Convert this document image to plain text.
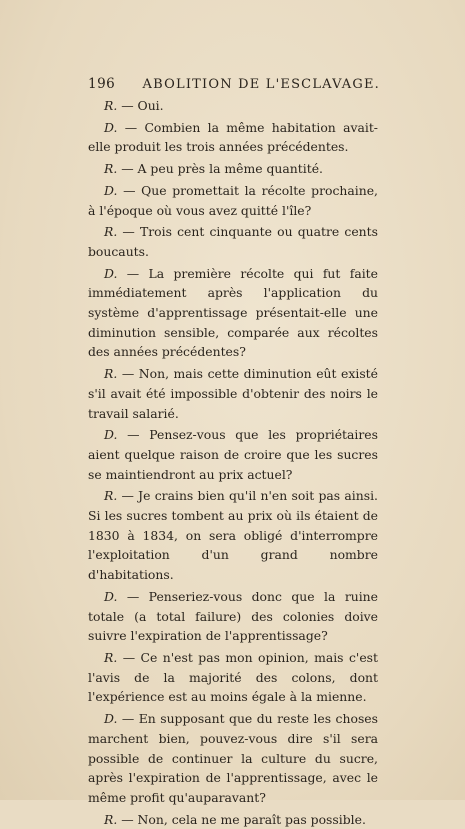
196 ABOLITION DE L'ESCLAVAGE.

R. — Oui.

D. — Combien la même habitation avait-elle produit les trois années précédentes.

R. — A peu près la même quantité.

D. — Que promettait la récolte prochaine, à l'époque où vous avez quitté l'île?

R. — Trois cent cinquante ou quatre cents boucauts.

D. — La première récolte qui fut faite immédiatement après l'application du système d'apprentissage présentait-elle une diminution sensible, comparée aux récoltes des années précédentes?

R. — Non, mais cette diminution eût existé s'il avait été impossible d'obtenir des noirs le travail salarié.

D. — Pensez-vous que les propriétaires aient quelque raison de croire que les sucres se maintiendront au prix actuel?

R. — Je crains bien qu'il n'en soit pas ainsi. Si les sucres tombent au prix où ils étaient de 1830 à 1834, on sera obligé d'interrompre l'exploitation d'un grand nombre d'habitations.

D. — Penseriez-vous donc que la ruine totale (a total failure) des colonies doive suivre l'expiration de l'apprentissage?

R. — Ce n'est pas mon opinion, mais c'est l'avis de la majorité des colons, dont l'expérience est au moins égale à la mienne.

D. — En supposant que du reste les choses marchent bien, pouvez-vous dire s'il sera possible de continuer la culture du sucre, après l'expiration de l'apprentissage, avec le même profit qu'auparavant?

R. — Non, cela ne me paraît pas possible.
